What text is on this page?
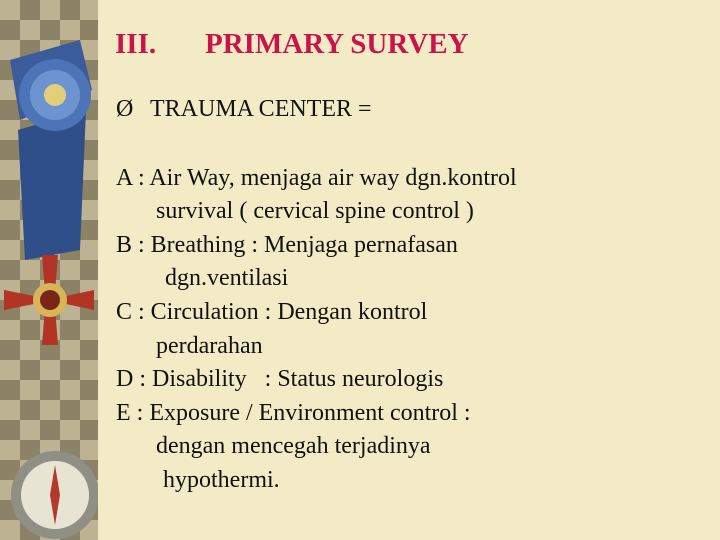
III. PRIMARY SURVEY
Ø TRAUMA CENTER =
A : Air Way, menjaga air way dgn.kontrol
survival ( cervical spine control )
B : Breathing : Menjaga pernafasan
dgn.ventilasi
C : Circulation : Dengan kontrol
perdarahan
D : Disability   : Status neurologis
E : Exposure / Environment control :
dengan mencegah terjadinya
hypothermi.
